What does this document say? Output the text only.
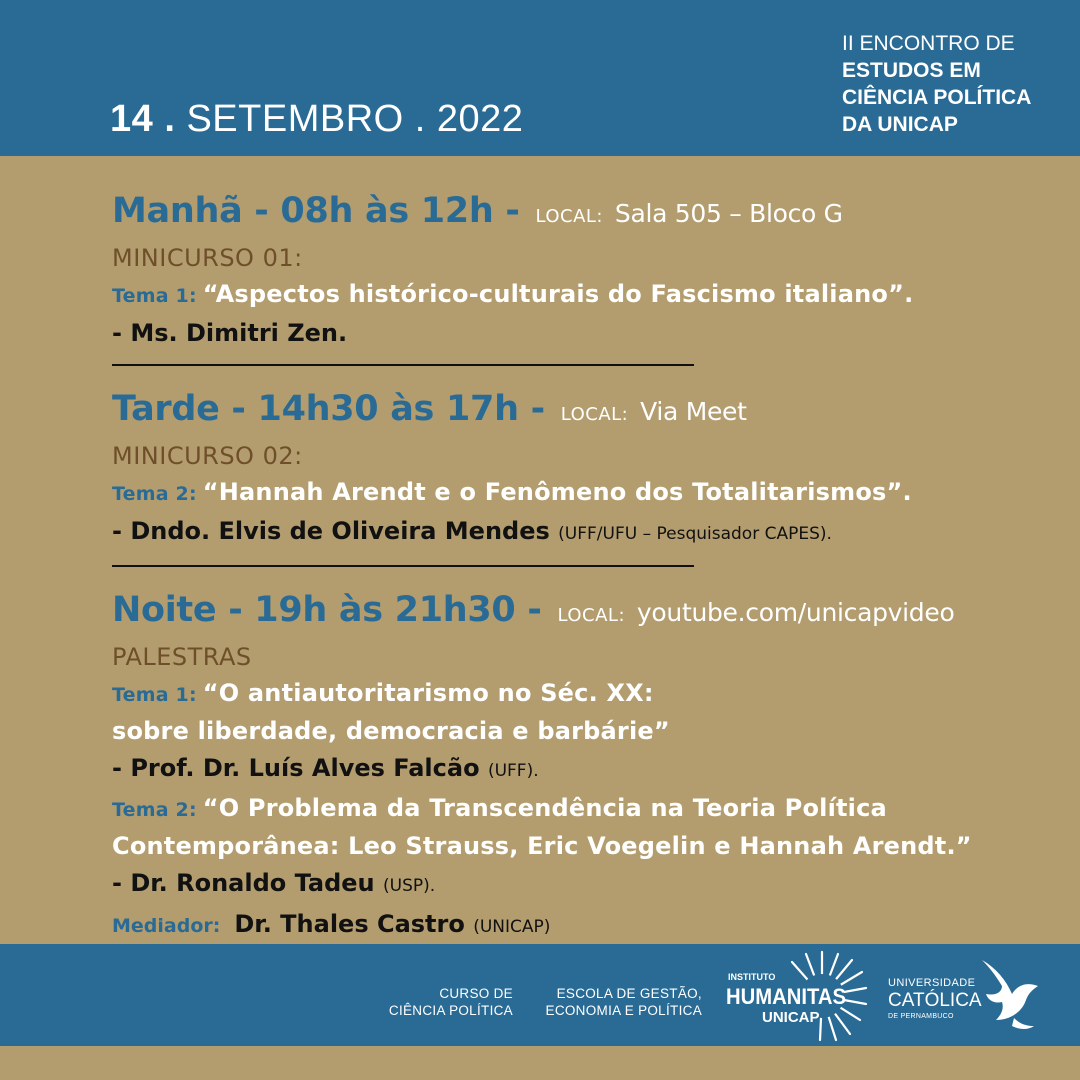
14 . SETEMBRO . 2022
II ENCONTRO DE
ESTUDOS EM
CIÊNCIA POLÍTICA
DA UNICAP
Manhã - 08h às 12h - LOCAL: Sala 505 – Bloco G
MINICURSO 01:
Tema 1: “Aspectos histórico-culturais do Fascismo italiano”.
- Ms. Dimitri Zen.
Tarde - 14h30 às 17h - LOCAL: Via Meet
MINICURSO 02:
Tema 2: “Hannah Arendt e o Fenômeno dos Totalitarismos”.
- Dndo. Elvis de Oliveira Mendes (UFF/UFU – Pesquisador CAPES).
Noite - 19h às 21h30 - LOCAL: youtube.com/unicapvideo
PALESTRAS
Tema 1: “O antiautoritarismo no Séc. XX:
sobre liberdade, democracia e barbárie”
- Prof. Dr. Luís Alves Falcão (UFF).
Tema 2: “O Problema da Transcendência na Teoria Política
Contemporânea: Leo Strauss, Eric Voegelin e Hannah Arendt.”
- Dr. Ronaldo Tadeu (USP).
Mediador: Dr. Thales Castro (UNICAP)
CURSO DE
CIÊNCIA POLÍTICA
ESCOLA DE GESTÃO,
ECONOMIA E POLÍTICA
INSTITUTO
HUMANITAS
UNICAP
UNIVERSIDADE
CATÓLICA
DE PERNAMBUCO
